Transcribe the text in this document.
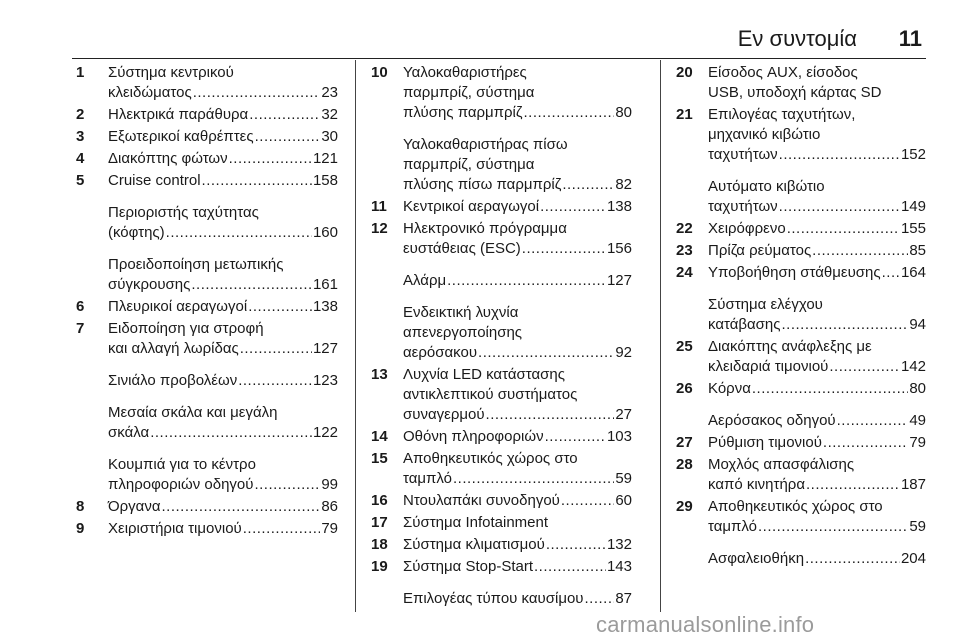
Εν συντομία 11
1 Σύστημα κεντρικού
κλειδώματος .....	23
2 Ηλεκτρικά παράθυρα .....	32
3 Εξωτερικοί καθρέπτες .....	30
4 Διακόπτης φώτων .....	121
5 Cruise control .....	158
Περιοριστής ταχύτητας
(κόφτης) .....	160
Προειδοποίηση μετωπικής
σύγκρουσης .....	161
6 Πλευρικοί αεραγωγοί .....	138
7 Ειδοποίηση για στροφή
και αλλαγή λωρίδας .....	127
Σινιάλο προβολέων .....	123
Μεσαία σκάλα και μεγάλη
σκάλα .....	122
Κουμπιά για το κέντρο
πληροφοριών οδηγού .....	99
8 Όργανα .....	86
9 Χειριστήρια τιμονιού .....	79
10 Υαλοκαθαριστήρες
παρμπρίζ, σύστημα
πλύσης παρμπρίζ .....	80
Υαλοκαθαριστήρας πίσω
παρμπρίζ, σύστημα
πλύσης πίσω παρμπρίζ .....	82
11 Κεντρικοί αεραγωγοί .....	138
12 Ηλεκτρονικό πρόγραμμα
ευστάθειας (ESC) .....	156
Αλάρμ .....	127
Ενδεικτική λυχνία
απενεργοποίησης
αερόσακου .....	92
13 Λυχνία LED κατάστασης
αντικλεπτικού συστήματος
συναγερμού .....	27
14 Οθόνη πληροφοριών .....	103
15 Αποθηκευτικός χώρος στο
ταμπλό .....	59
16 Ντουλαπάκι συνοδηγού .....	60
17 Σύστημα Infotainment
18 Σύστημα κλιματισμού .....	132
19 Σύστημα Stop-Start .....	143
Επιλογέας τύπου καυσίμου ..... 87
20 Είσοδος AUX, είσοδος
USB, υποδοχή κάρτας SD
21 Επιλογέας ταχυτήτων,
μηχανικό κιβώτιο
ταχυτήτων .....	152
Αυτόματο κιβώτιο
ταχυτήτων .....	149
22 Χειρόφρενο .....	155
23 Πρίζα ρεύματος .....	85
24 Υποβοήθηση στάθμευσης ..... 164
Σύστημα ελέγχου
κατάβασης .....	94
25 Διακόπτης ανάφλεξης με
κλειδαριά τιμονιού .....	142
26 Κόρνα .....	80
Αερόσακος οδηγού .....	49
27 Ρύθμιση τιμονιού .....	79
28 Μοχλός απασφάλισης
καπό κινητήρα .....	187
29 Αποθηκευτικός χώρος στο
ταμπλό .....	59
Ασφαλειοθήκη .....	204
carmanualsonline.info
